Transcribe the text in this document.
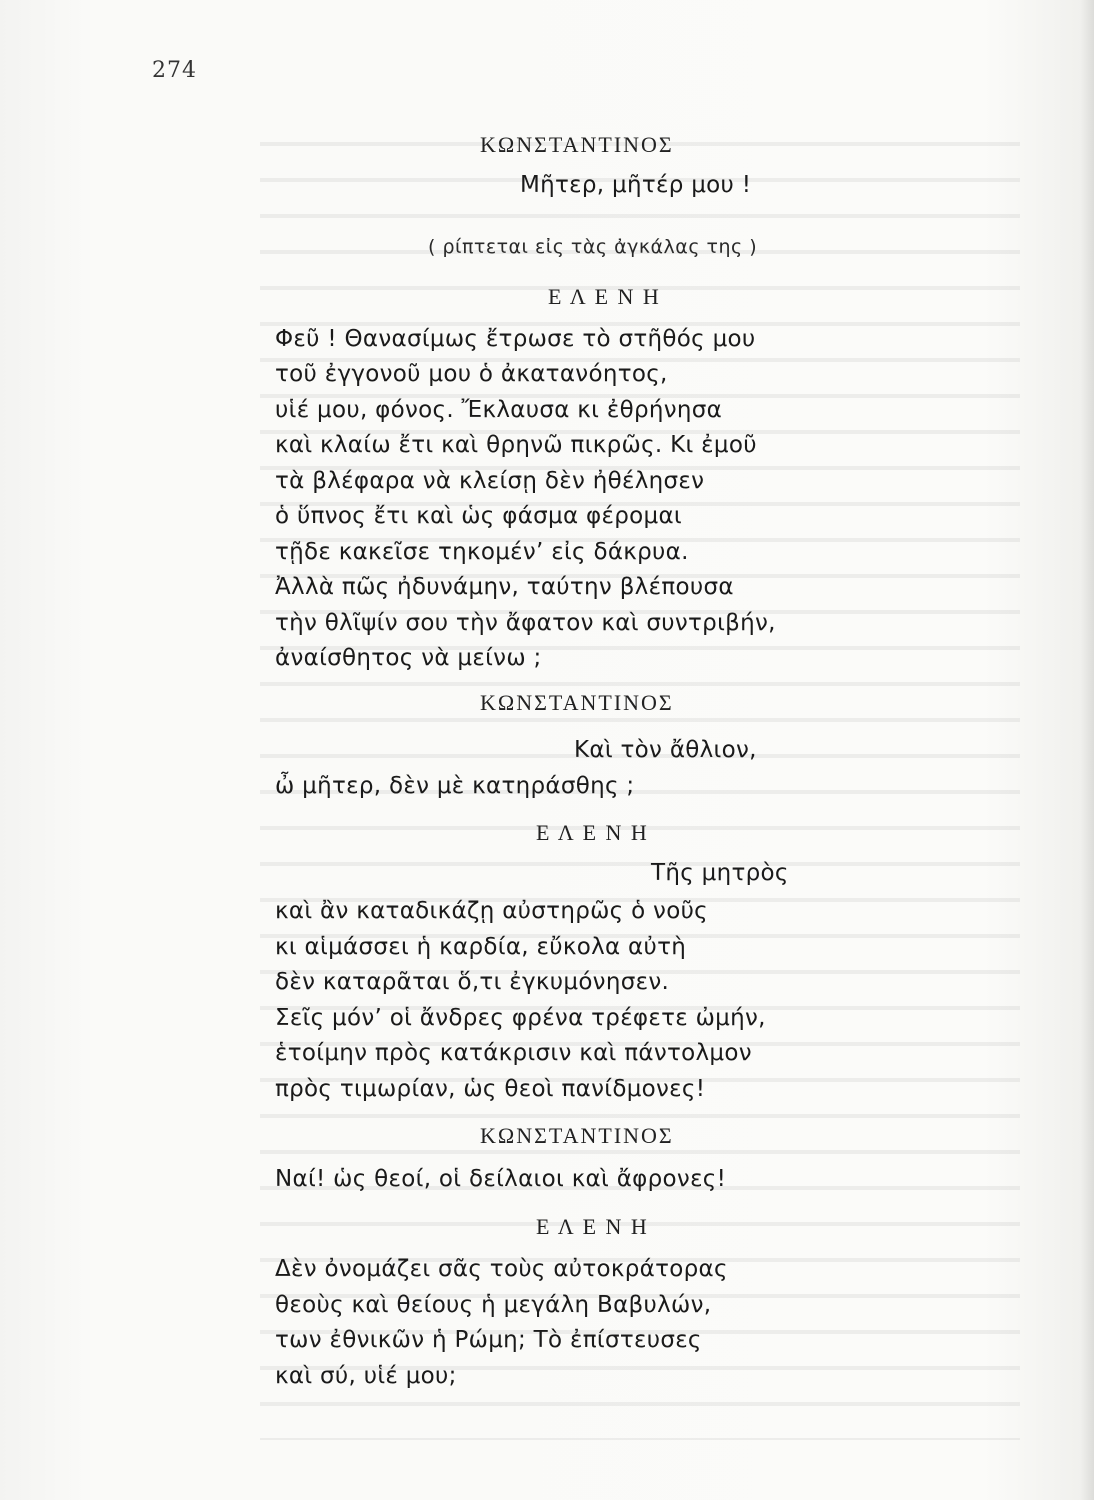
274
ΚΩΝΣΤΑΝΤΙΝΟΣ
Μῆτερ, μῆτέρ μου !
( ρίπτεται εἰς τὰς ἀγκάλας της )
Ε Λ Ε Ν Η
Φεῦ ! Θανασίμως ἔτρωσε τὸ στῆθός μου
τοῦ ἐγγονοῦ μου ὁ ἀκατανόητος,
υἱέ μου, φόνος. Ἔκλαυσα κι ἐθρήνησα
καὶ κλαίω ἔτι καὶ θρηνῶ πικρῶς. Κι ἐμοῦ
τὰ βλέφαρα νὰ κλείσῃ δὲν ἠθέλησεν
ὁ ὕπνος ἔτι καὶ ὡς φάσμα φέρομαι
τῇδε κακεῖσε τηκομέν’ εἰς δάκρυα.
Ἀλλὰ πῶς ἠδυνάμην, ταύτην βλέπουσα
τὴν θλῖψίν σου τὴν ἄφατον καὶ συντριβήν,
ἀναίσθητος νὰ μείνω ;
ΚΩΝΣΤΑΝΤΙΝΟΣ
Καὶ τὸν ἄθλιον,
ὦ μῆτερ, δὲν μὲ κατηράσθης ;
Ε Λ Ε Ν Η
Τῆς μητρὸς
καὶ ἂν καταδικάζῃ αὐστηρῶς ὁ νοῦς
κι αἱμάσσει ἡ καρδία, εὔκολα αὐτὴ
δὲν καταρᾶται ὅ,τι ἐγκυμόνησεν.
Σεῖς μόν’ οἱ ἄνδρες φρένα τρέφετε ὠμήν,
ἑτοίμην πρὸς κατάκρισιν καὶ πάντολμον
πρὸς τιμωρίαν, ὡς θεοὶ πανίδμονες!
ΚΩΝΣΤΑΝΤΙΝΟΣ
Ναί! ὡς θεοί, οἱ δείλαιοι καὶ ἄφρονες!
Ε Λ Ε Ν Η
Δὲν ὀνομάζει σᾶς τοὺς αὐτοκράτορας
θεοὺς καὶ θείους ἡ μεγάλη Βαβυλών,
των ἐθνικῶν ἡ Ρώμη; Τὸ ἐπίστευσες
καὶ σύ, υἱέ μου;
